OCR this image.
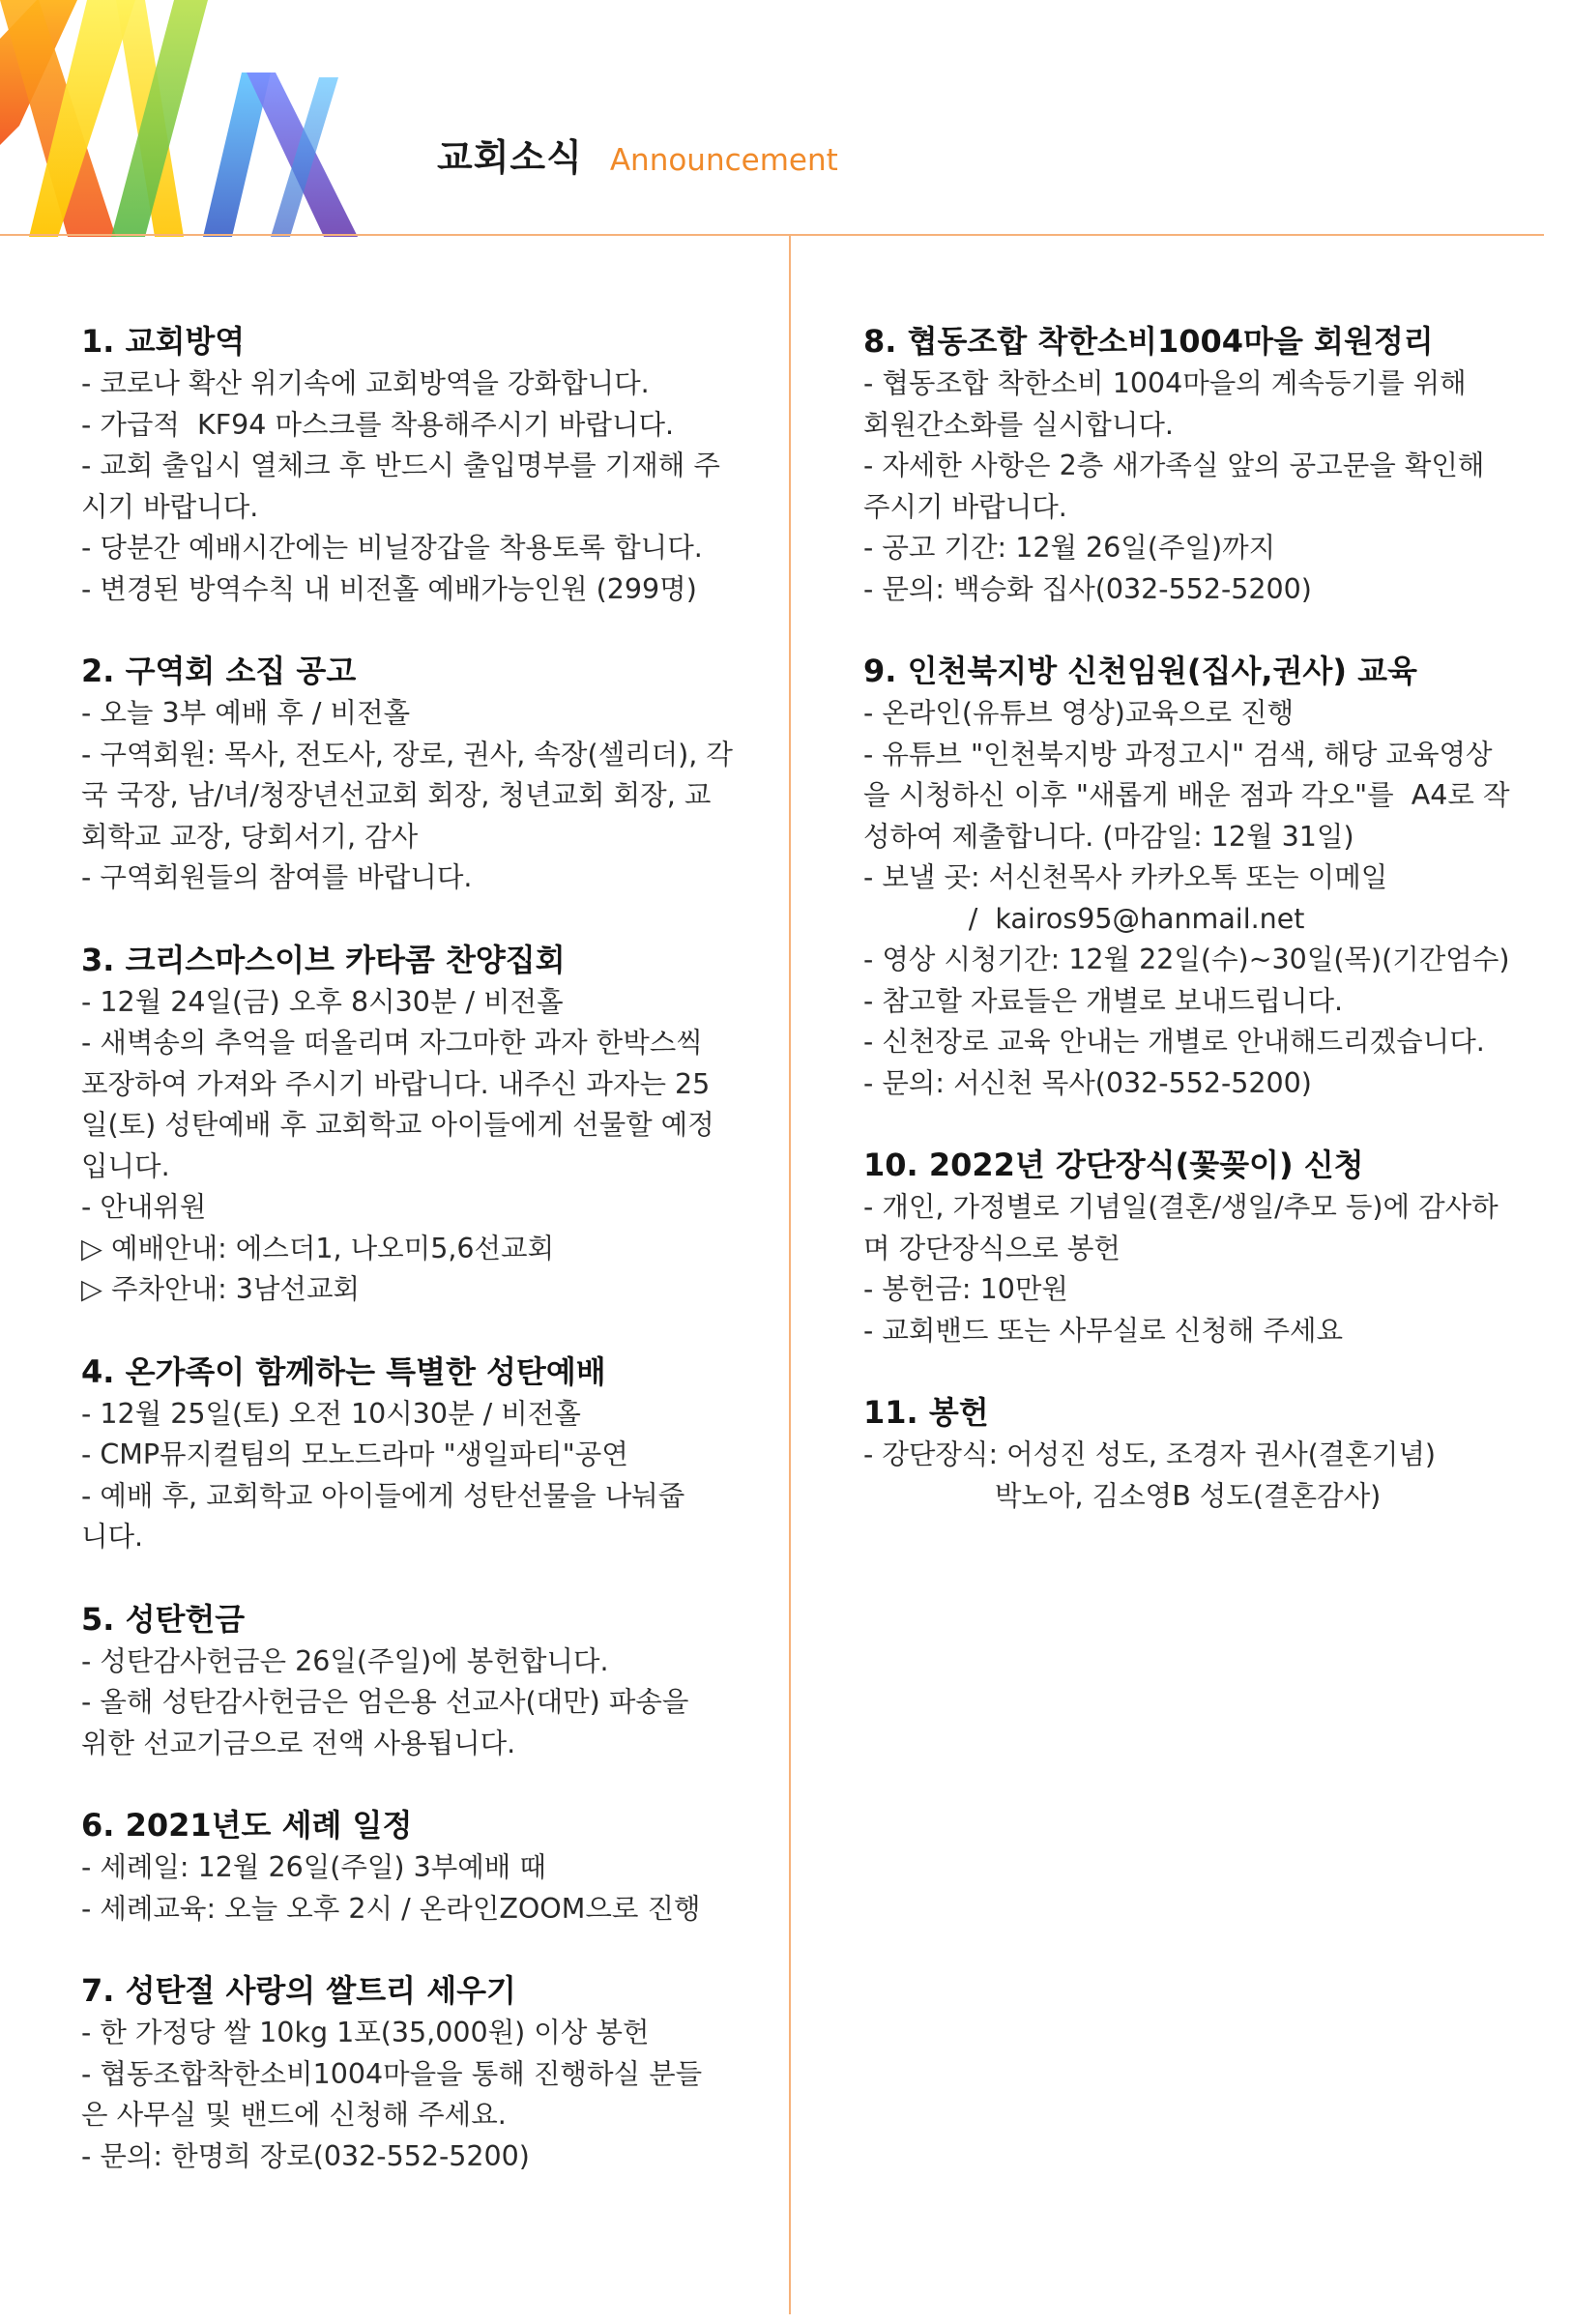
교회소식 Announcement

1. 교회방역

- 코로나 확산 위기속에 교회방역을 강화합니다.

- 가급적  KF94 마스크를 착용해주시기 바랍니다.

- 교회 출입시 열체크 후 반드시 출입명부를 기재해 주

시기 바랍니다.

- 당분간 예배시간에는 비닐장갑을 착용토록 합니다.

- 변경된 방역수칙 내 비전홀 예배가능인원 (299명)

2. 구역회 소집 공고

- 오늘 3부 예배 후 / 비전홀

- 구역회원: 목사, 전도사, 장로, 권사, 속장(셀리더), 각

국 국장, 남/녀/청장년선교회 회장, 청년교회 회장, 교

회학교 교장, 당회서기, 감사

- 구역회원들의 참여를 바랍니다.

3. 크리스마스이브 카타콤 찬양집회

- 12월 24일(금) 오후 8시30분 / 비전홀

- 새벽송의 추억을 떠올리며 자그마한 과자 한박스씩

포장하여 가져와 주시기 바랍니다. 내주신 과자는 25

일(토) 성탄예배 후 교회학교 아이들에게 선물할 예정

입니다.

- 안내위원

▷ 예배안내: 에스더1, 나오미5,6선교회

▷ 주차안내: 3남선교회

4. 온가족이 함께하는 특별한 성탄예배

- 12월 25일(토) 오전 10시30분 / 비전홀

- CMP뮤지컬팀의 모노드라마 "생일파티"공연

- 예배 후, 교회학교 아이들에게 성탄선물을 나눠줍

니다.

5. 성탄헌금

- 성탄감사헌금은 26일(주일)에 봉헌합니다.

- 올해 성탄감사헌금은 엄은용 선교사(대만) 파송을

위한 선교기금으로 전액 사용됩니다.

6. 2021년도 세례 일정

- 세례일: 12월 26일(주일) 3부예배 때

- 세례교육: 오늘 오후 2시 / 온라인ZOOM으로 진행

7. 성탄절 사랑의 쌀트리 세우기

- 한 가정당 쌀 10kg 1포(35,000원) 이상 봉헌

- 협동조합착한소비1004마을을 통해 진행하실 분들

은 사무실 및 밴드에 신청해 주세요.

- 문의: 한명희 장로(032-552-5200)

8. 협동조합 착한소비1004마을 회원정리

- 협동조합 착한소비 1004마을의 계속등기를 위해

회원간소화를 실시합니다.

- 자세한 사항은 2층 새가족실 앞의 공고문을 확인해

주시기 바랍니다.

- 공고 기간: 12월 26일(주일)까지

- 문의: 백승화 집사(032-552-5200)

9. 인천북지방 신천임원(집사,권사) 교육

- 온라인(유튜브 영상)교육으로 진행

- 유튜브 "인천북지방 과정고시" 검색, 해당 교육영상

을 시청하신 이후 "새롭게 배운 점과 각오"를  A4로 작

성하여 제출합니다. (마감일: 12월 31일)

- 보낼 곳: 서신천목사 카카오톡 또는 이메일

/  kairos95@hanmail.net

- 영상 시청기간: 12월 22일(수)~30일(목)(기간엄수)

- 참고할 자료들은 개별로 보내드립니다.

- 신천장로 교육 안내는 개별로 안내해드리겠습니다.

- 문의: 서신천 목사(032-552-5200)

10. 2022년 강단장식(꽃꽂이) 신청

- 개인, 가정별로 기념일(결혼/생일/추모 등)에 감사하

며 강단장식으로 봉헌

- 봉헌금: 10만원

- 교회밴드 또는 사무실로 신청해 주세요

11. 봉헌

- 강단장식: 어성진 성도, 조경자 권사(결혼기념)

박노아, 김소영B 성도(결혼감사)
